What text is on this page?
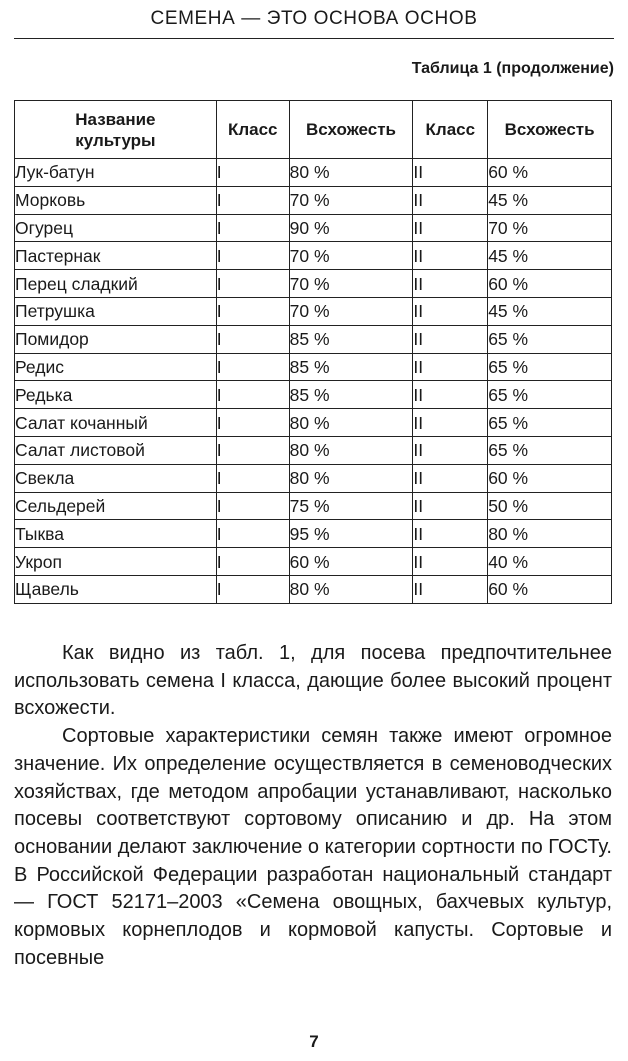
СЕМЕНА — ЭТО ОСНОВА ОСНОВ
Таблица 1 (продолжение)
Название культуры	Класс	Всхожесть	Класс	Всхожесть
Лук-батун	I	80 %	II	60 %
Морковь	I	70 %	II	45 %
Огурец	I	90 %	II	70 %
Пастернак	I	70 %	II	45 %
Перец сладкий	I	70 %	II	60 %
Петрушка	I	70 %	II	45 %
Помидор	I	85 %	II	65 %
Редис	I	85 %	II	65 %
Редька	I	85 %	II	65 %
Салат кочанный	I	80 %	II	65 %
Салат листовой	I	80 %	II	65 %
Свекла	I	80 %	II	60 %
Сельдерей	I	75 %	II	50 %
Тыква	I	95 %	II	80 %
Укроп	I	60 %	II	40 %
Щавель	I	80 %	II	60 %

Как видно из табл. 1, для посева предпочтительнее использовать семена I класса, дающие более высокий процент всхожести.

Сортовые характеристики семян также имеют огромное значение. Их определение осуществляется в семеноводческих хозяйствах, где методом апробации устанавливают, насколько посевы соответствуют сортовому описанию и др. На этом основании делают заключение о категории сортности по ГОСТу. В Российской Федерации разработан национальный стандарт — ГОСТ 52171–2003 «Семена овощных, бахчевых культур, кормовых корнеплодов и кормовой капусты. Сортовые и посевные

7
